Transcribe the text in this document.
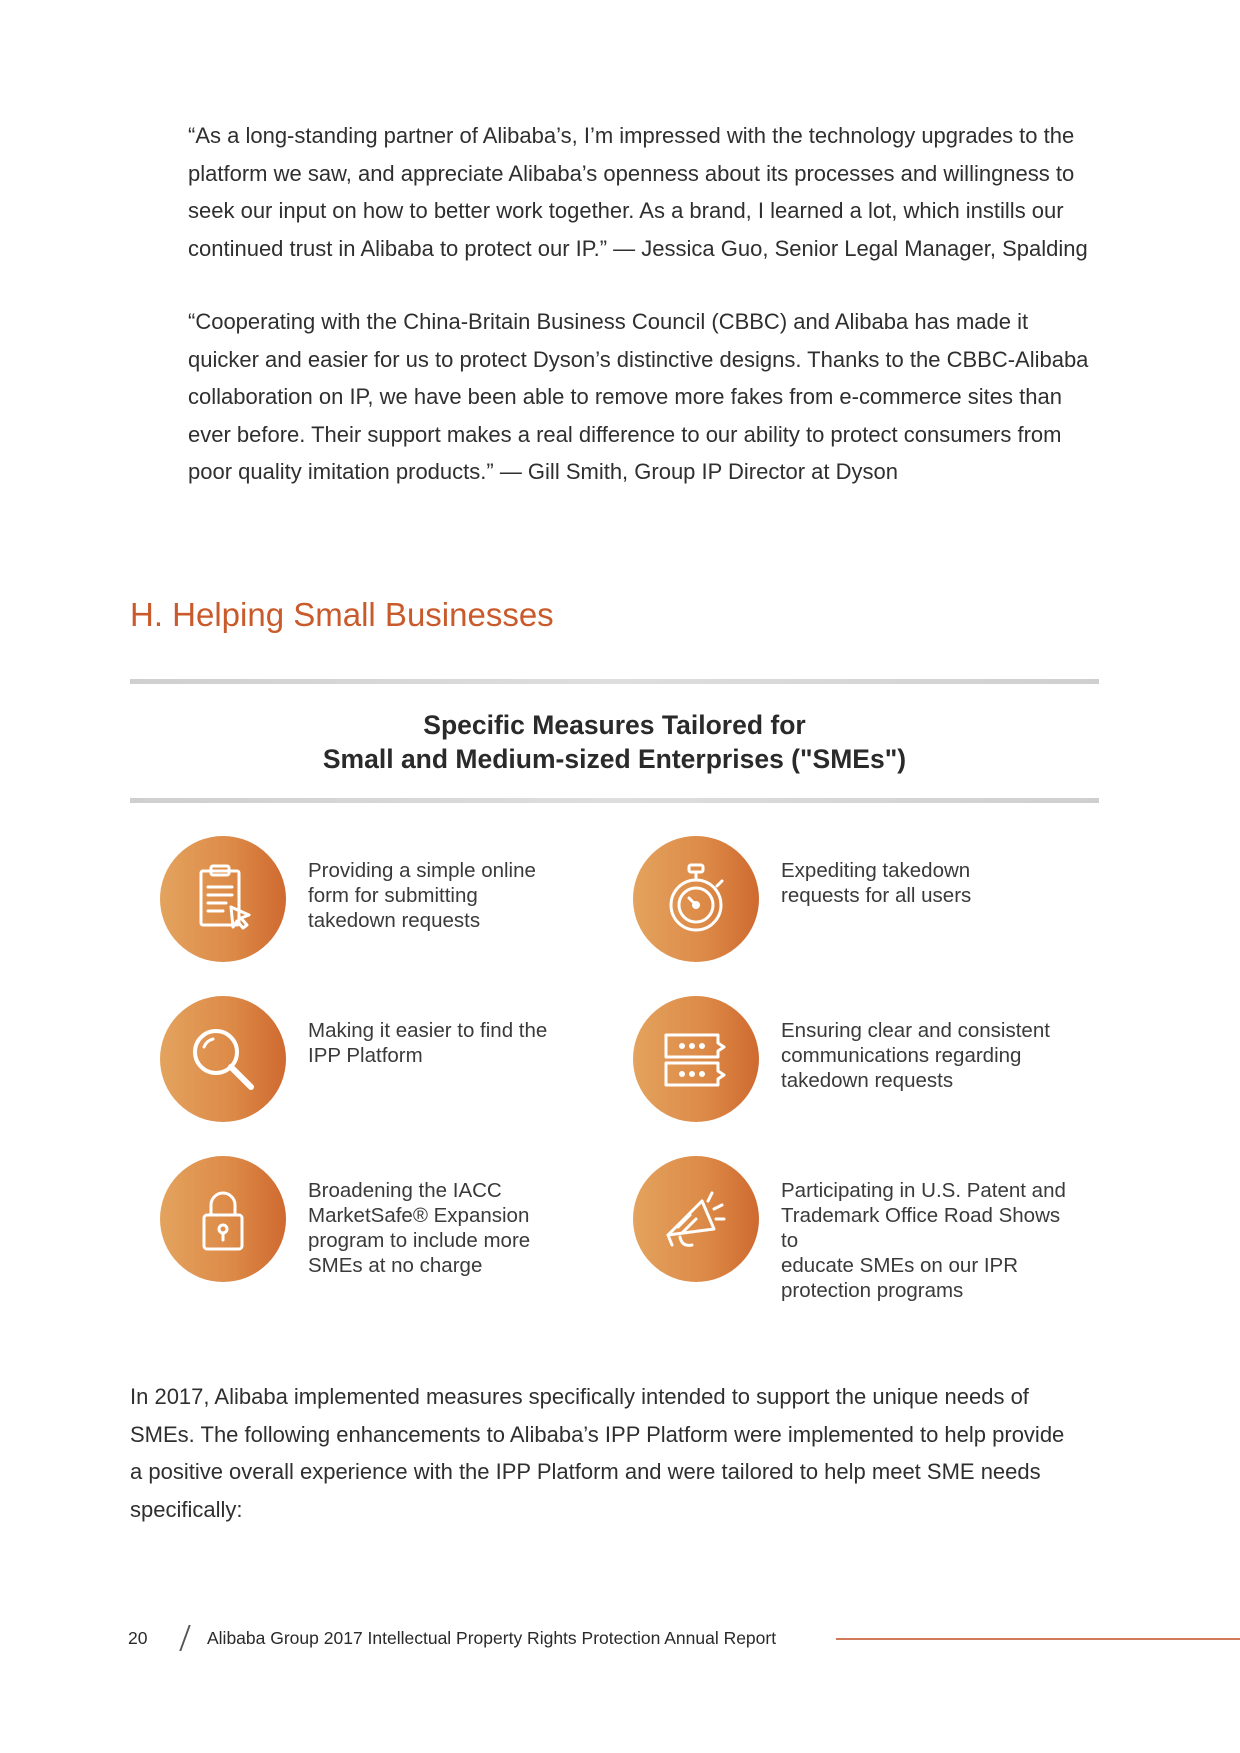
“As a long-standing partner of Alibaba’s, I’m impressed with the technology upgrades to the
platform we saw, and appreciate Alibaba’s openness about its processes and willingness to
seek our input on how to better work together. As a brand, I learned a lot, which instills our
continued trust in Alibaba to protect our IP.” — Jessica Guo, Senior Legal Manager, Spalding
“Cooperating with the China-Britain Business Council (CBBC) and Alibaba has made it
quicker and easier for us to protect Dyson’s distinctive designs. Thanks to the CBBC-Alibaba
collaboration on IP, we have been able to remove more fakes from e-commerce sites than
ever before. Their support makes a real difference to our ability to protect consumers from
poor quality imitation products.” — Gill Smith, Group IP Director at Dyson
H. Helping Small Businesses
Specific Measures Tailored for
Small and Medium-sized Enterprises ("SMEs")
Providing a simple online
form for submitting
takedown requests
Expediting takedown
requests for all users
Making it easier to find the
IPP Platform
Ensuring clear and consistent
communications regarding
takedown requests
Broadening the IACC
MarketSafe® Expansion
program to include more
SMEs at no charge
Participating in U.S. Patent and
Trademark Office Road Shows to
educate SMEs on our IPR
protection programs
In 2017, Alibaba implemented measures specifically intended to support the unique needs of
SMEs. The following enhancements to Alibaba’s IPP Platform were implemented to help provide
a positive overall experience with the IPP Platform and were tailored to help meet SME needs
specifically:
20	Alibaba Group 2017 Intellectual Property Rights Protection Annual Report
